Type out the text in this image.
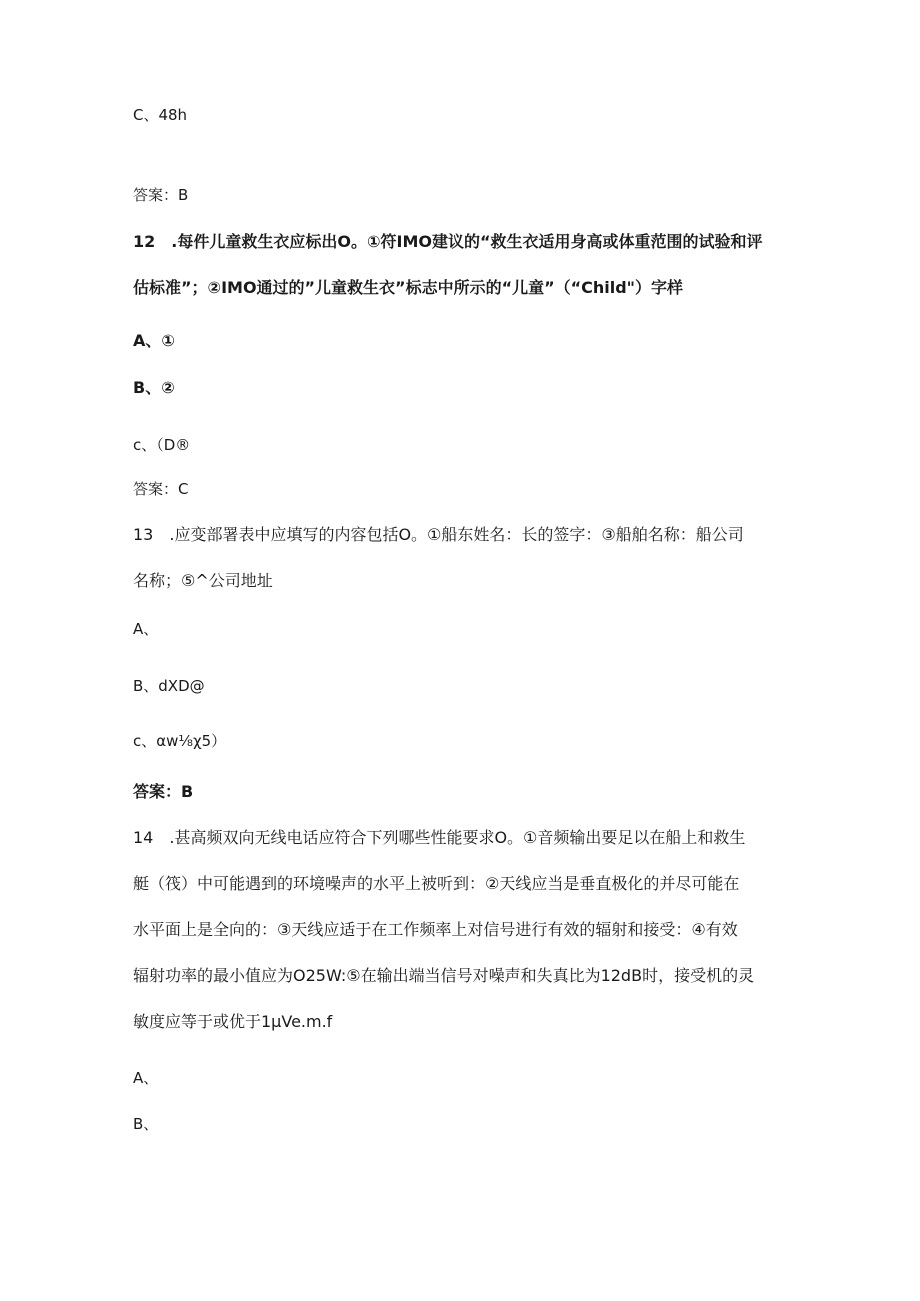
C、48h
答案：B
12　.每件儿童救生衣应标出O。①符IMO建议的“救生衣适用身高或体重范围的试验和评
估标准”；②IMO通过的”儿童救生衣”标志中所示的“儿童”（“Child"）字样
A、①
B、②
c、（D®
答案：C
13　.应变部署表中应填写的内容包括O。①船东姓名：长的签字：③船舶名称：船公司
名称；⑤^公司地址
A、
B、dXD@
c、αw⅛χ5）
答案：B
14　.甚高频双向无线电话应符合下列哪些性能要求O。①音频输出要足以在船上和救生
艇（筏）中可能遇到的环境噪声的水平上被听到：②天线应当是垂直极化的并尽可能在
水平面上是全向的：③天线应适于在工作频率上对信号进行有效的辐射和接受：④有效
辐射功率的最小值应为O25W:⑤在输出端当信号对噪声和失真比为12dB时，接受机的灵
敏度应等于或优于1μVe.m.f
A、
B、
